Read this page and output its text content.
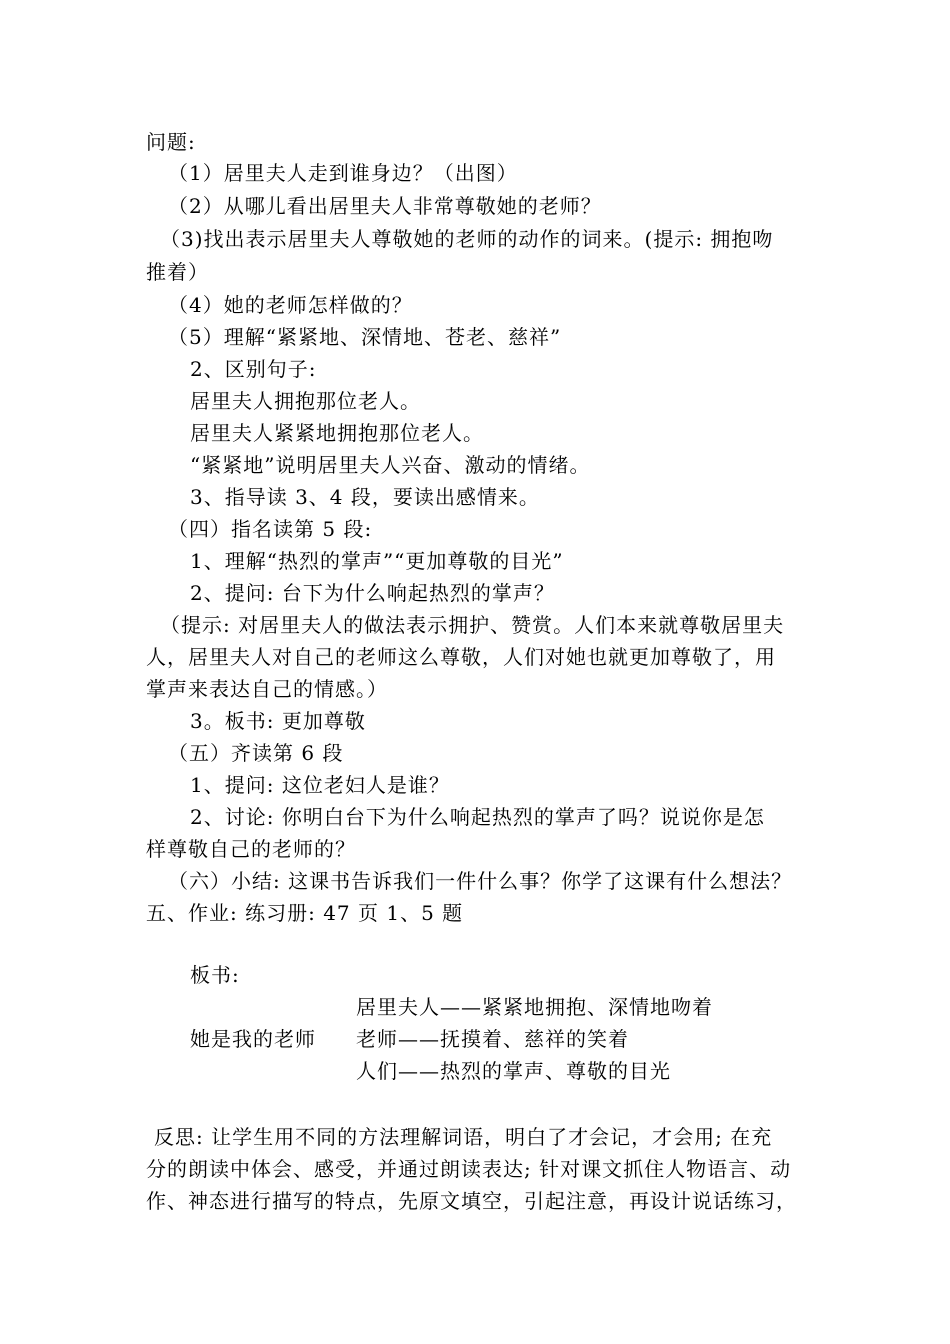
问题:
（1）居里夫人走到谁身边？（出图）
（2）从哪儿看出居里夫人非常尊敬她的老师？
（3)找出表示居里夫人尊敬她的老师的动作的词来。(提示: 拥抱吻
推着）
（4）她的老师怎样做的？
（5）理解“紧紧地、深情地、苍老、慈祥”
2、区别句子:
居里夫人拥抱那位老人。
居里夫人紧紧地拥抱那位老人。
“紧紧地”说明居里夫人兴奋、激动的情绪。
3、指导读 3、4 段，要读出感情来。
（四）指名读第 5 段:
1、理解“热烈的掌声”“更加尊敬的目光”
2、提问: 台下为什么响起热烈的掌声？
（提示: 对居里夫人的做法表示拥护、赞赏。人们本来就尊敬居里夫
人，居里夫人对自己的老师这么尊敬，人们对她也就更加尊敬了，用
掌声来表达自己的情感。）
3。板书: 更加尊敬
（五）齐读第 6 段
1、提问: 这位老妇人是谁？
2、讨论: 你明白台下为什么响起热烈的掌声了吗？说说你是怎
样尊敬自己的老师的？
（六）小结: 这课书告诉我们一件什么事？你学了这课有什么想法？
五、作业: 练习册: 47 页 1、5 题
板书:
居里夫人——紧紧地拥抱、深情地吻着
她是我的老师 老师——抚摸着、慈祥的笑着
人们——热烈的掌声、尊敬的目光
反思: 让学生用不同的方法理解词语，明白了才会记，才会用; 在充
分的朗读中体会、感受，并通过朗读表达; 针对课文抓住人物语言、动
作、神态进行描写的特点，先原文填空，引起注意，再设计说话练习，
